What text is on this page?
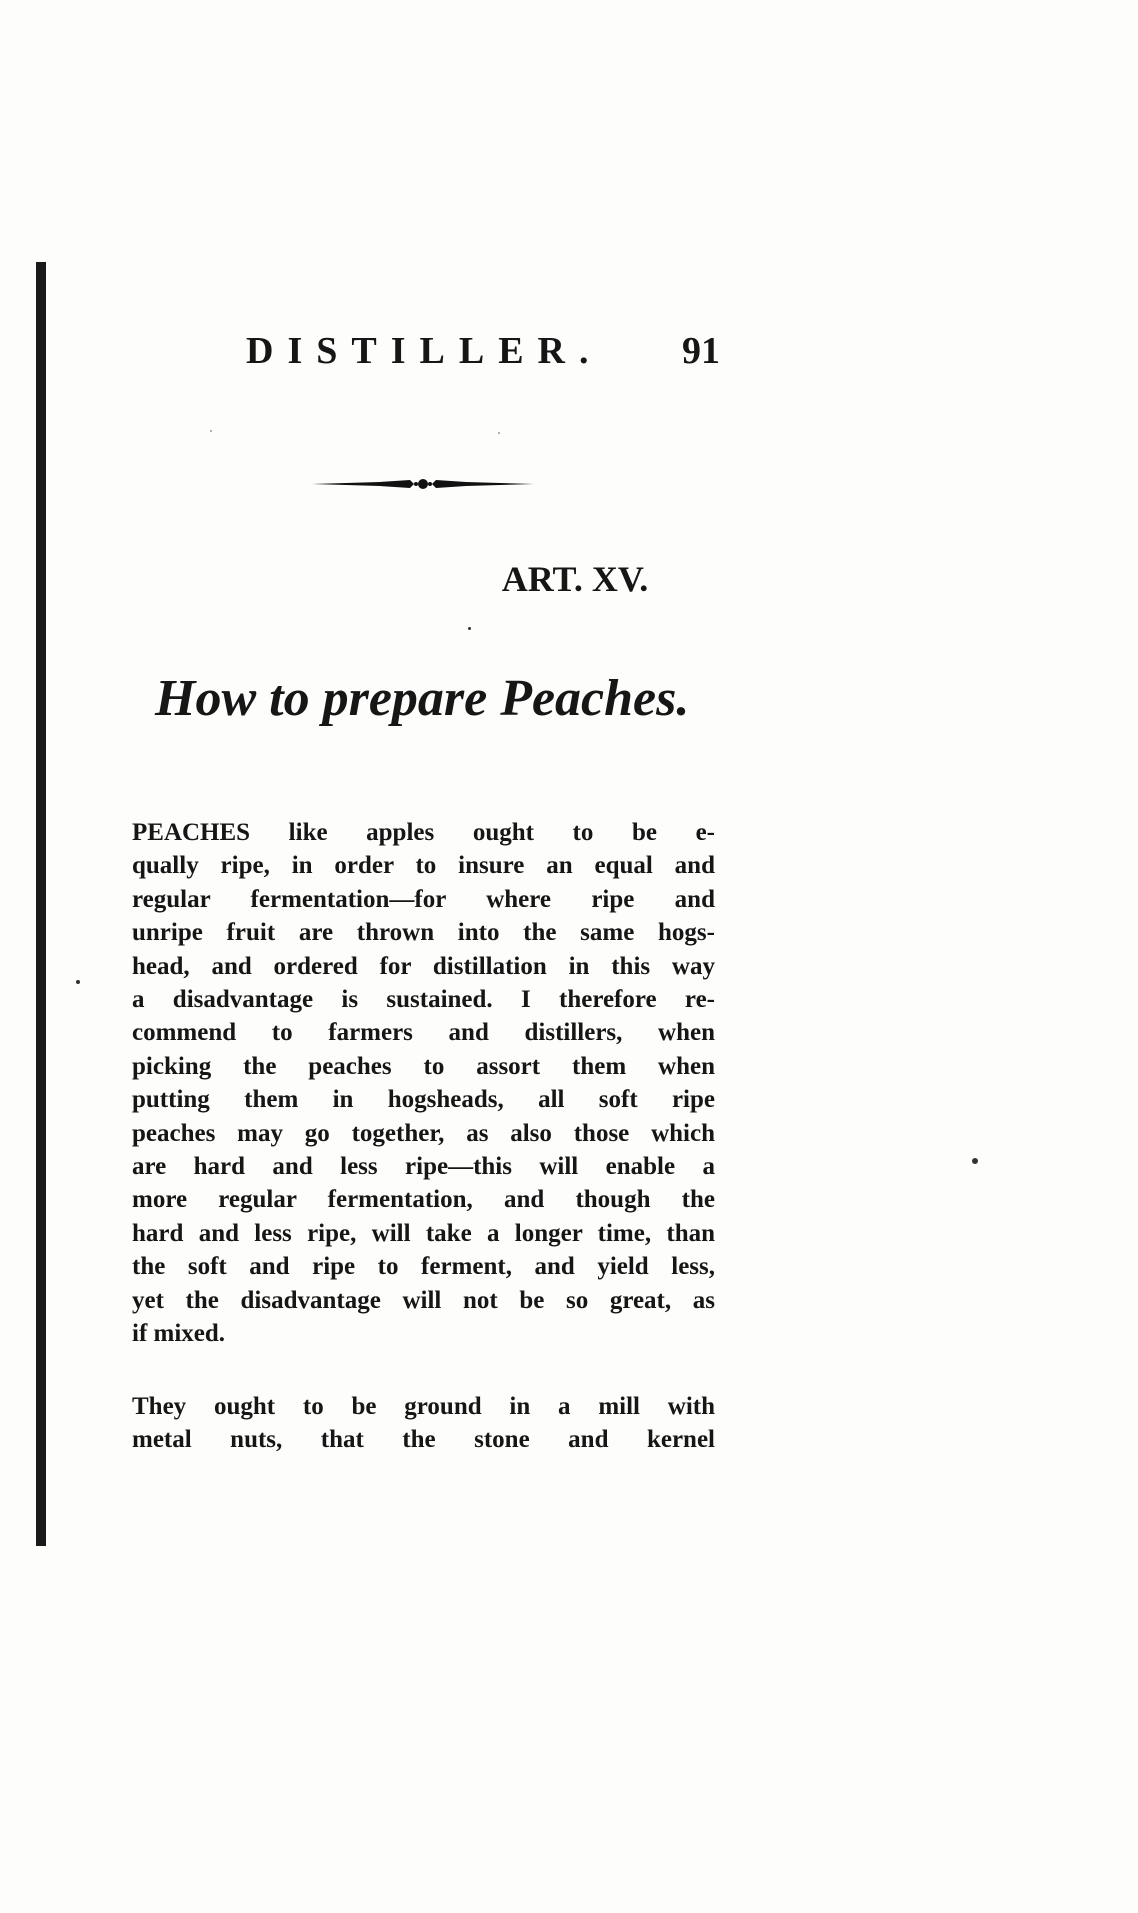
DISTILLER. 91
ART. XV.
How to prepare Peaches.
PEACHES like apples ought to be e-
qually ripe, in order to insure an equal and
regular fermentation—for where ripe and
unripe fruit are thrown into the same hogs-
head, and ordered for distillation in this way
a disadvantage is sustained. I therefore re-
commend to farmers and distillers, when
picking the peaches to assort them when
putting them in hogsheads, all soft ripe
peaches may go together, as also those which
are hard and less ripe—this will enable a
more regular fermentation, and though the
hard and less ripe, will take a longer time, than
the soft and ripe to ferment, and yield less,
yet the disadvantage will not be so great, as
if mixed.
They ought to be ground in a mill with
metal nuts, that the stone and kernel
